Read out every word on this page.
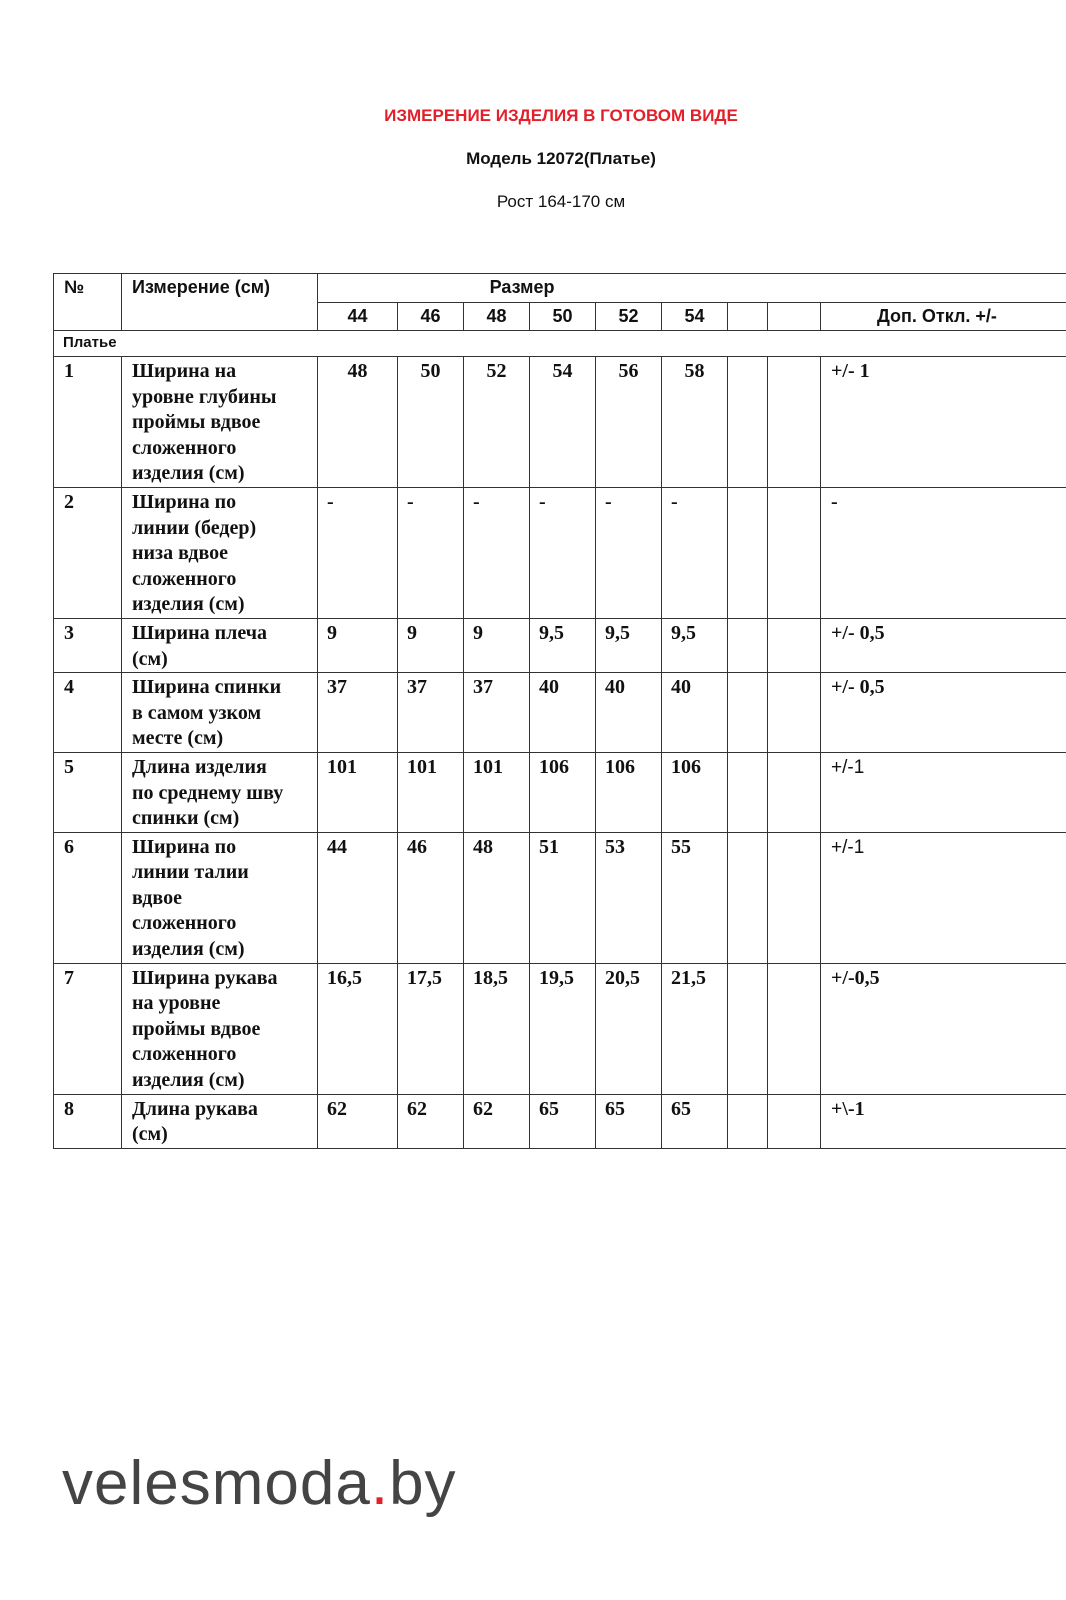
ИЗМЕРЕНИЕ ИЗДЕЛИЯ В ГОТОВОМ ВИДЕ
Модель 12072(Платье)
Рост 164-170 см
№	Измерение (см)	Размер								
		44	46	48	50	52	54			Доп. Откл. +/-
Платье										
1	Ширина на
уровне глубины
проймы вдвое
сложенного
изделия (см)	48	50	52	54	56	58			+/- 1
2	Ширина по
линии (бедер)
низа вдвое
сложенного
изделия (см)	-	-	-	-	-	-			-
3	Ширина плеча
(см)	9	9	9	9,5	9,5	9,5			+/- 0,5
4	Ширина спинки
в самом узком
месте (см)	37	37	37	40	40	40			+/- 0,5
5	Длина изделия
по среднему шву
спинки (см)	101	101	101	106	106	106			+/-1
6	Ширина по
линии талии
вдвое
сложенного
изделия (см)	44	46	48	51	53	55			+/-1
7	Ширина рукава
на уровне
проймы вдвое
сложенного
изделия (см)	16,5	17,5	18,5	19,5	20,5	21,5			+/-0,5
8	Длина рукава
(см)	62	62	62	65	65	65			+\-1
velesmoda.by
